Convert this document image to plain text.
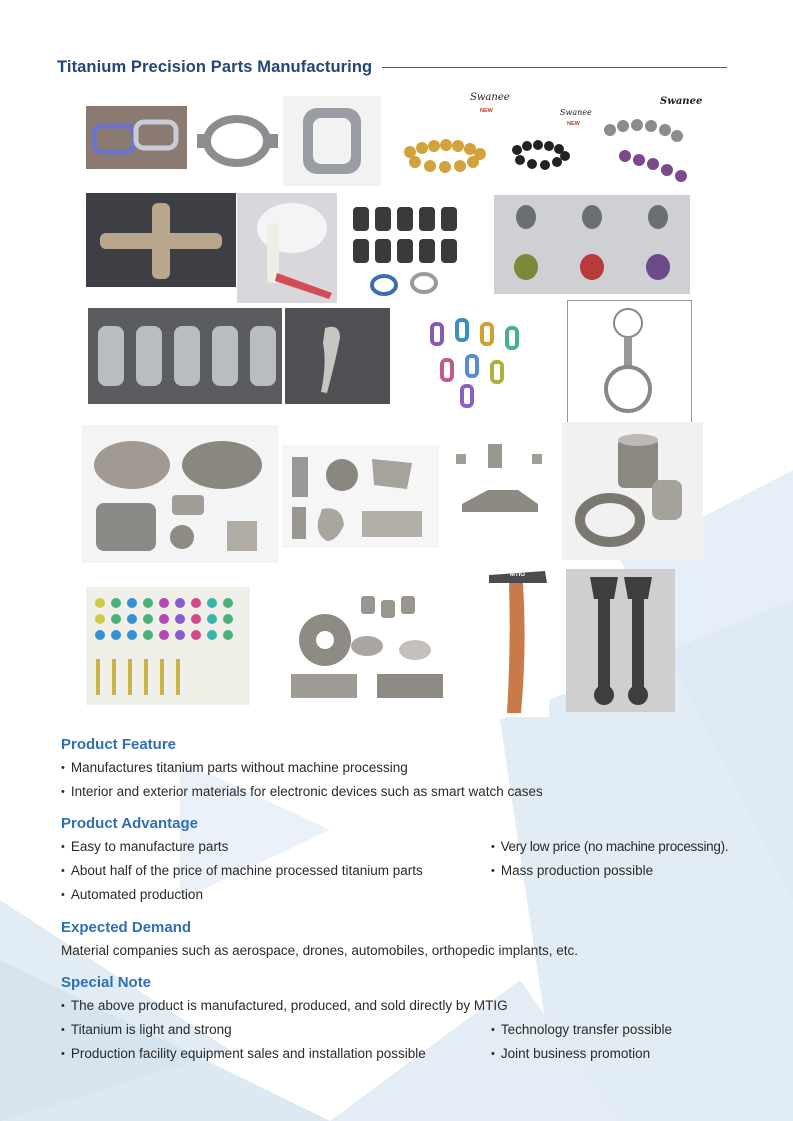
Titanium Precision Parts Manufacturing
Swanee
NEW	Swanee
NEW
Swanee
MTIG
Product Feature
• Manufactures titanium parts without machine processing
• Interior and exterior materials for electronic devices such as smart watch cases
Product Advantage
• Easy to manufacture parts
• About half of the price of machine processed titanium parts
• Automated production
• Very low price (no machine processing).
• Mass production possible
Expected Demand
Material companies such as aerospace, drones, automobiles, orthopedic implants, etc.
Special Note
• The above product is manufactured, produced, and sold directly by MTIG
• Titanium is light and strong
• Production facility equipment sales and installation possible
• Technology transfer possible
• Joint business promotion
